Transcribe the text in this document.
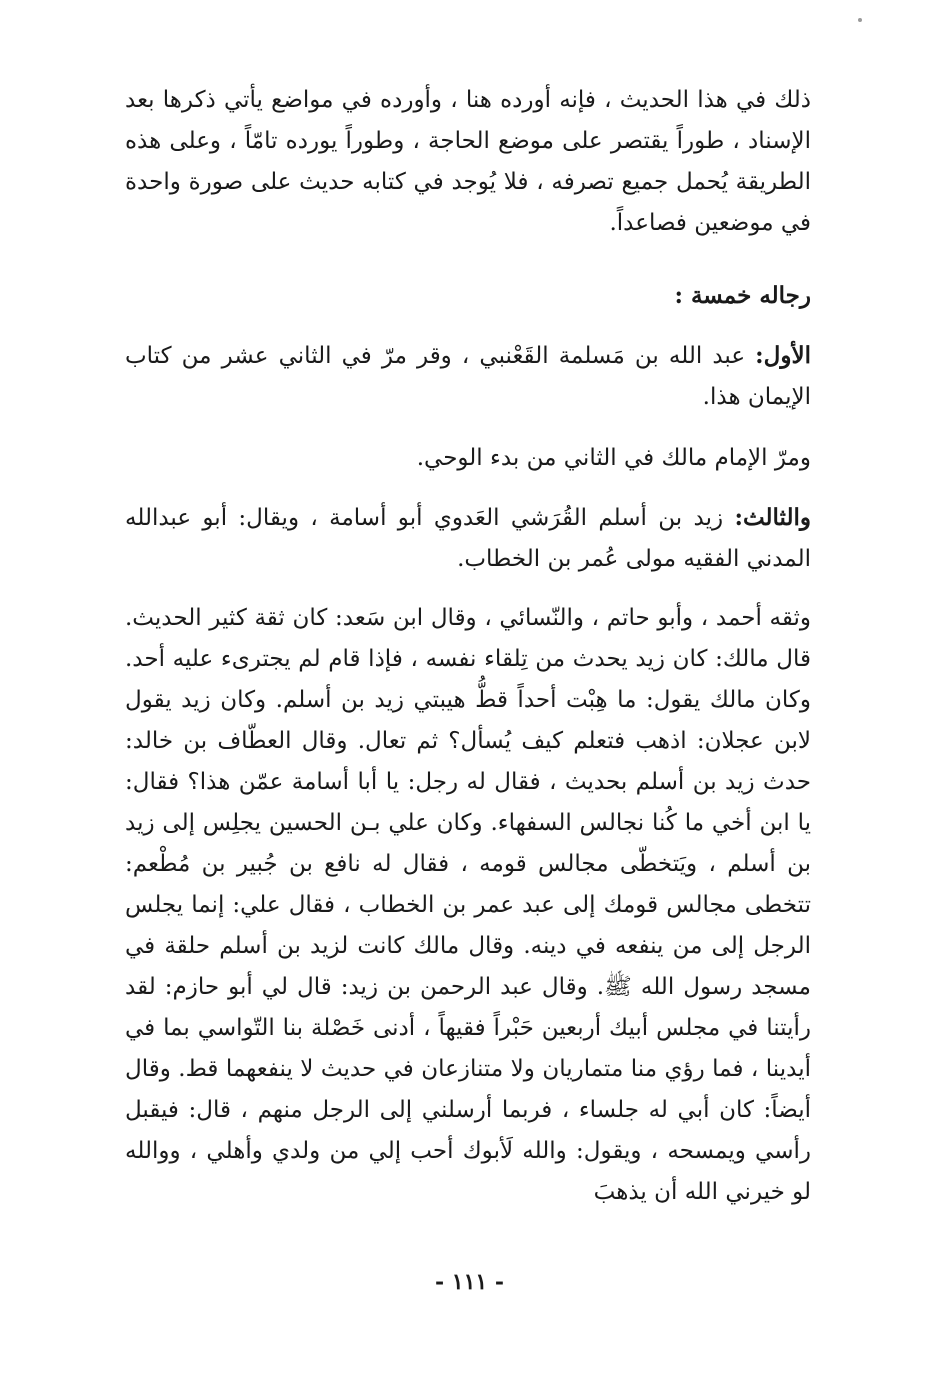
ذلك في هذا الحديث ، فإنه أورده هنا ، وأورده في مواضع يأتي ذكرها بعد الإسناد ، طوراً يقتصر على موضع الحاجة ، وطوراً يورده تامّاً ، وعلى هذه الطريقة يُحمل جميع تصرفه ، فلا يُوجد في كتابه حديث على صورة واحدة في موضعين فصاعداً.

رجاله خمسة :

الأول: عبد الله بن مَسلمة القَعْنبي ، وقر مرّ في الثاني عشر من كتاب الإيمان هذا.

ومرّ الإمام مالك في الثاني من بدء الوحي.

والثالث: زيد بن أسلم القُرَشي العَدوي أبو أسامة ، ويقال: أبو عبدالله المدني الفقيه مولى عُمر بن الخطاب.

وثقه أحمد ، وأبو حاتم ، والنّسائي ، وقال ابن سَعد: كان ثقة كثير الحديث. قال مالك: كان زيد يحدث من تِلقاء نفسه ، فإذا قام لم يجترىء عليه أحد. وكان مالك يقول: ما هِبْت أحداً قطُّ هيبتي زيد بن أسلم. وكان زيد يقول لابن عجلان: اذهب فتعلم كيف يُسأل؟ ثم تعال. وقال العطّاف بن خالد: حدث زيد بن أسلم بحديث ، فقال له رجل: يا أبا أسامة عمّن هذا؟ فقال: يا ابن أخي ما كُنا نجالس السفهاء. وكان علي بـن الحسين يجلِس إلى زيد بن أسلم ، ويَتخطّى مجالس قومه ، فقال له نافع بن جُبير بن مُطْعم: تتخطى مجالس قومك إلى عبد عمر بن الخطاب ، فقال علي: إنما يجلس الرجل إلى من ينفعه في دينه. وقال مالك كانت لزيد بن أسلم حلقة في مسجد رسول الله ﷺ. وقال عبد الرحمن بن زيد: قال لي أبو حازم: لقد رأيتنا في مجلس أبيك أربعين حَبْراً فقيهاً ، أدنى خَصْلة بنا التّواسي بما في أيدينا ، فما رؤي منا متماريان ولا متنازعان في حديث لا ينفعهما قط. وقال أيضاً: كان أبي له جلساء ، فربما أرسلني إلى الرجل منهم ، قال: فيقبل رأسي ويمسحه ، ويقول: والله لَأبوك أحب إلي من ولدي وأهلي ، ووالله لو خيرني الله أن يذهبَ

- ١١١ -
